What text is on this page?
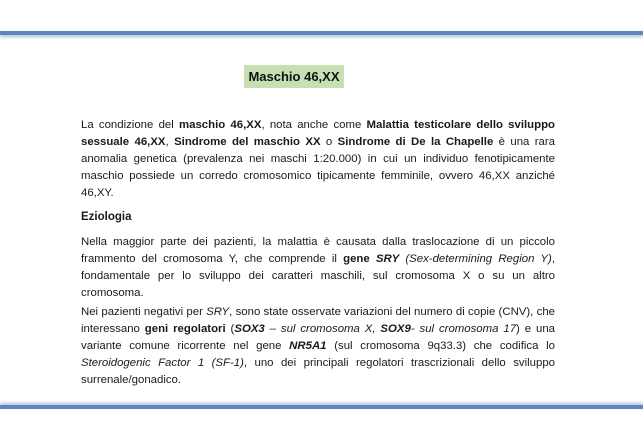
Maschio 46,XX

La condizione del maschio 46,XX, nota anche come Malattia testicolare dello sviluppo sessuale 46,XX, Sindrome del maschio XX o Sindrome di De la Chapelle è una rara anomalia genetica (prevalenza nei maschi 1:20.000) in cui un individuo fenotipicamente maschio possiede un corredo cromosomico tipicamente femminile, ovvero 46,XX anziché 46,XY.

Eziologia

Nella maggior parte dei pazienti, la malattia è causata dalla traslocazione di un piccolo frammento del cromosoma Y, che comprende il gene SRY (Sex-determining Region Y), fondamentale per lo sviluppo dei caratteri maschili, sul cromosoma X o su un altro cromosoma.

Nei pazienti negativi per SRY, sono state osservate variazioni del numero di copie (CNV), che interessano geni regolatori (SOX3 – sul cromosoma X, SOX9- sul cromosoma 17) e una variante comune ricorrente nel gene NR5A1 (sul cromosoma 9q33.3) che codifica lo Steroidogenic Factor 1 (SF-1), uno dei principali regolatori trascrizionali dello sviluppo surrenale/gonadico.
